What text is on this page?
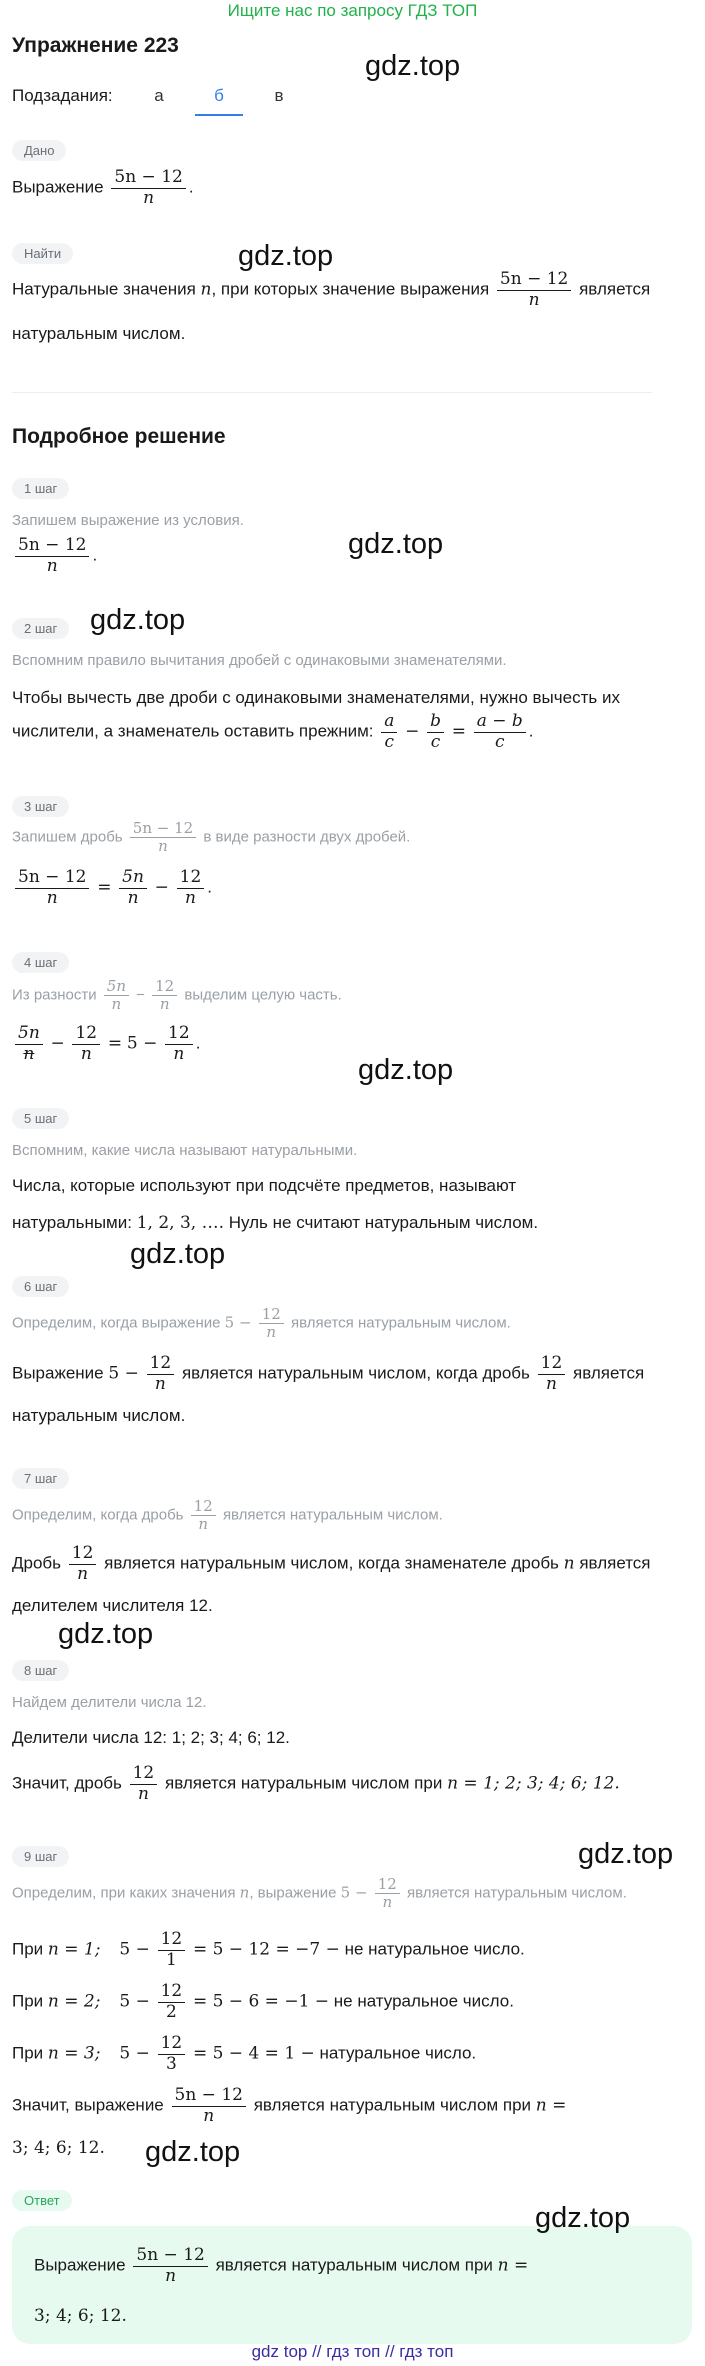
Ищите нас по запросу ГДЗ ТОП
Упражнение 223
Подзадания:	а	б	в
gdz.top
Дано
Выражение $\frac{5n - 12}{n}$ .
Найти	gdz.top
Натуральные значения n, при которых значение выражения $\frac{5n - 12}{n}$ является
натуральным числом.
Подробное решение
1 шаг
Запишем выражение из условия.
$\frac{5n - 12}{n}$ .	gdz.top
2 шаг	gdz.top
Вспомним правило вычитания дробей с одинаковыми знаменателями.
Чтобы вычесть две дроби с одинаковыми знаменателями, нужно вычесть их
числители, а знаменатель оставить прежним: $\frac{a}{c} - \frac{b}{c} = \frac{a - b}{c}$ .
3 шаг
Запишем дробь $\frac{5n - 12}{n}$ в виде разности двух дробей.
$\frac{5n - 12}{n} = \frac{5n}{n} - \frac{12}{n}$ .
4 шаг
Из разности $\frac{5n}{n} - \frac{12}{n}$ выделим целую часть.
$\frac{5n}{n} - \frac{12}{n} = 5 - \frac{12}{n}$ .
gdz.top
5 шаг
Вспомним, какие числа называют натуральными.
Числа, которые используют при подсчёте предметов, называют
натуральными: 1, 2, 3, …. Нуль не считают натуральным числом.
gdz.top
6 шаг
Определим, когда выражение $5 - \frac{12}{n}$ является натуральным числом.
Выражение $5 - \frac{12}{n}$ является натуральным числом, когда дробь $\frac{12}{n}$ является
натуральным числом.
7 шаг
Определим, когда дробь $\frac{12}{n}$ является натуральным числом.
Дробь $\frac{12}{n}$ является натуральным числом, когда знаменателе дробь n является
делителем числителя 12.
gdz.top
8 шаг
Найдем делители числа 12.
Делители числа 12: 1; 2; 3; 4; 6; 12.
Значит, дробь $\frac{12}{n}$ является натуральным числом при n = 1; 2; 3; 4; 6; 12.
9 шаг	gdz.top
Определим, при каких значения n, выражение $5 - \frac{12}{n}$ является натуральным числом.
При n = 1; $5 - \frac{12}{1} = 5 - 12 = -7$ − не натуральное число.
При n = 2; $5 - \frac{12}{2} = 5 - 6 = -1$ − не натуральное число.
При n = 3; $5 - \frac{12}{3} = 5 - 4 = 1$ − натуральное число.
Значит, выражение $\frac{5n - 12}{n}$ является натуральным числом при n =
3; 4; 6; 12. gdz.top
Ответ
Выражение $\frac{5n - 12}{n}$ является натуральным числом при n =
3; 4; 6; 12.
gdz.top
gdz top // гдз топ // гдз топ
